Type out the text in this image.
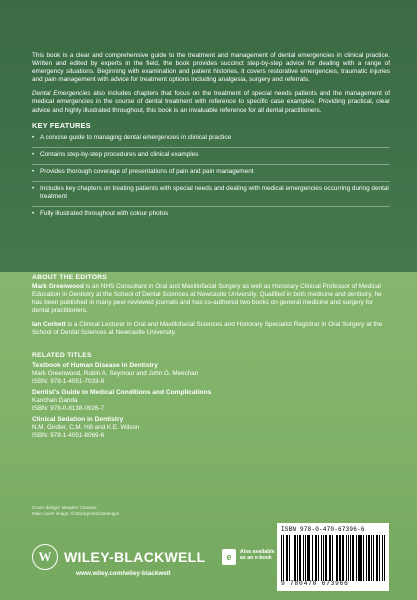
This book is a clear and comprehensive guide to the treatment and management of dental emergencies in clinical practice. Written and edited by experts in the field, the book provides succinct step-by-step advice for dealing with a range of emergency situations. Beginning with examination and patient histories, it covers restorative emergencies, traumatic injuries and pain management with advice for treatment options including analgesia, surgery and referrals.

Dental Emergencies also includes chapters that focus on the treatment of special needs patients and the management of medical emergencies in the course of dental treatment with reference to specific case examples. Providing practical, clear advice and highly illustrated throughout, this book is an invaluable reference for all dental practitioners.

KEY FEATURES
• A concise guide to managing dental emergencies in clinical practice
• Contains step-by-step procedures and clinical examples
• Provides thorough coverage of presentations of pain and pain management
• Includes key chapters on treating patients with special needs and dealing with medical emergencies occurring during dental treatment
• Fully illustrated throughout with colour photos
ABOUT THE EDITORS

Mark Greenwood is an NHS Consultant in Oral and Maxillofacial Surgery as well as Honorary Clinical Professor of Medical Education in Dentistry at the School of Dental Sciences at Newcastle University. Qualified in both medicine and dentistry, he has been published in many peer-reviewed journals and has co-authored two books on general medicine and surgery for dental practitioners.

Ian Corbett is a Clinical Lecturer in Oral and Maxillofacial Sciences and Honorary Specialist Registrar in Oral Surgery at the School of Dental Sciences at Newcastle University.

RELATED TITLES
Textbook of Human Disease in Dentistry
Mark Greenwood, Robin A. Seymour and John G. Meechan
ISBN: 978-1-4051-7033-8
Dentist's Guide to Medical Conditions and Complications
Kanchan Ganda
ISBN: 978-0-8138-0926-7
Clinical Sedation in Dentistry
N.M. Girdler, C.M. Hill and K.E. Wilson
ISBN: 978-1-4051-8069-6
Cover design: Meaden Creative
Main cover image: ©iStockphoto/ozkanqpx
W WILEY-BLACKWELL
www.wiley.com/wiley-blackwell
e	Also available
as an e-book
ISBN 978-0-470-67396-6
9 780470 673966
